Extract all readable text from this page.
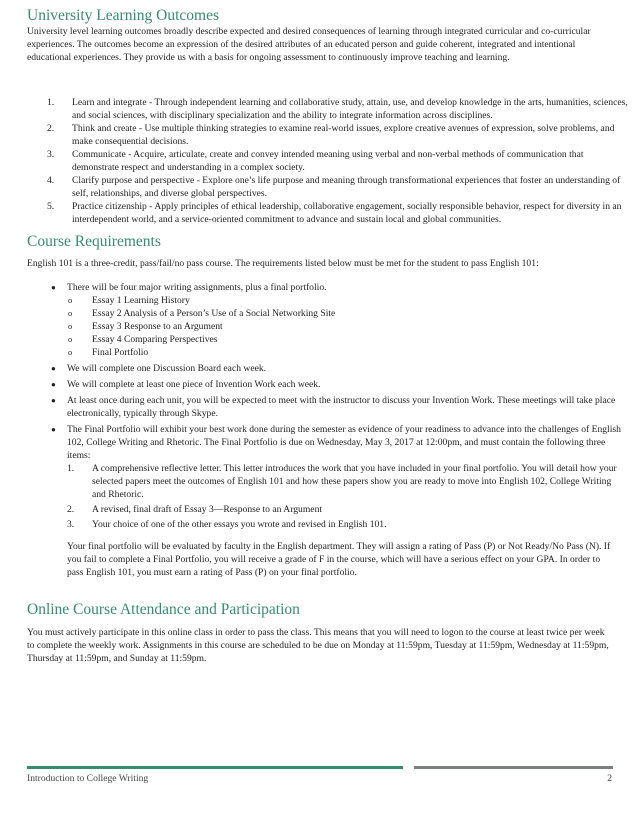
University Learning Outcomes

University level learning outcomes broadly describe expected and desired consequences of learning through integrated curricular and co-curricular experiences. The outcomes become an expression of the desired attributes of an educated person and guide coherent, integrated and intentional educational experiences. They provide us with a basis for ongoing assessment to continuously improve teaching and learning.

1. Learn and integrate - Through independent learning and collaborative study, attain, use, and develop knowledge in the arts, humanities, sciences, and social sciences, with disciplinary specialization and the ability to integrate information across disciplines.
2. Think and create - Use multiple thinking strategies to examine real-world issues, explore creative avenues of expression, solve problems, and make consequential decisions.
3. Communicate - Acquire, articulate, create and convey intended meaning using verbal and non-verbal methods of communication that demonstrate respect and understanding in a complex society.
4. Clarify purpose and perspective - Explore one’s life purpose and meaning through transformational experiences that foster an understanding of self, relationships, and diverse global perspectives.
5. Practice citizenship - Apply principles of ethical leadership, collaborative engagement, socially responsible behavior, respect for diversity in an interdependent world, and a service-oriented commitment to advance and sustain local and global communities.
Course Requirements

English 101 is a three-credit, pass/fail/no pass course. The requirements listed below must be met for the student to pass English 101:

● There will be four major writing assignments, plus a final portfolio.
o Essay 1 Learning History
o Essay 2 Analysis of a Person’s Use of a Social Networking Site
o Essay 3 Response to an Argument
o Essay 4 Comparing Perspectives
o Final Portfolio
● We will complete one Discussion Board each week.
● We will complete at least one piece of Invention Work each week.
● At least once during each unit, you will be expected to meet with the instructor to discuss your Invention Work. These meetings will take place electronically, typically through Skype.
● The Final Portfolio will exhibit your best work done during the semester as evidence of your readiness to advance into the challenges of English 102, College Writing and Rhetoric. The Final Portfolio is due on Wednesday, May 3, 2017 at 12:00pm, and must contain the following three items:
1. A comprehensive reflective letter. This letter introduces the work that you have included in your final portfolio. You will detail how your selected papers meet the outcomes of English 101 and how these papers show you are ready to move into English 102, College Writing and Rhetoric.
2. A revised, final draft of Essay 3—Response to an Argument
3. Your choice of one of the other essays you wrote and revised in English 101.

Your final portfolio will be evaluated by faculty in the English department. They will assign a rating of Pass (P) or Not Ready/No Pass (N). If you fail to complete a Final Portfolio, you will receive a grade of F in the course, which will have a serious effect on your GPA. In order to pass English 101, you must earn a rating of Pass (P) on your final portfolio.

Online Course Attendance and Participation

You must actively participate in this online class in order to pass the class. This means that you will need to logon to the course at least twice per week to complete the weekly work. Assignments in this course are scheduled to be due on Monday at 11:59pm, Tuesday at 11:59pm, Wednesday at 11:59pm, Thursday at 11:59pm, and Sunday at 11:59pm.

Introduction to College Writing	2
